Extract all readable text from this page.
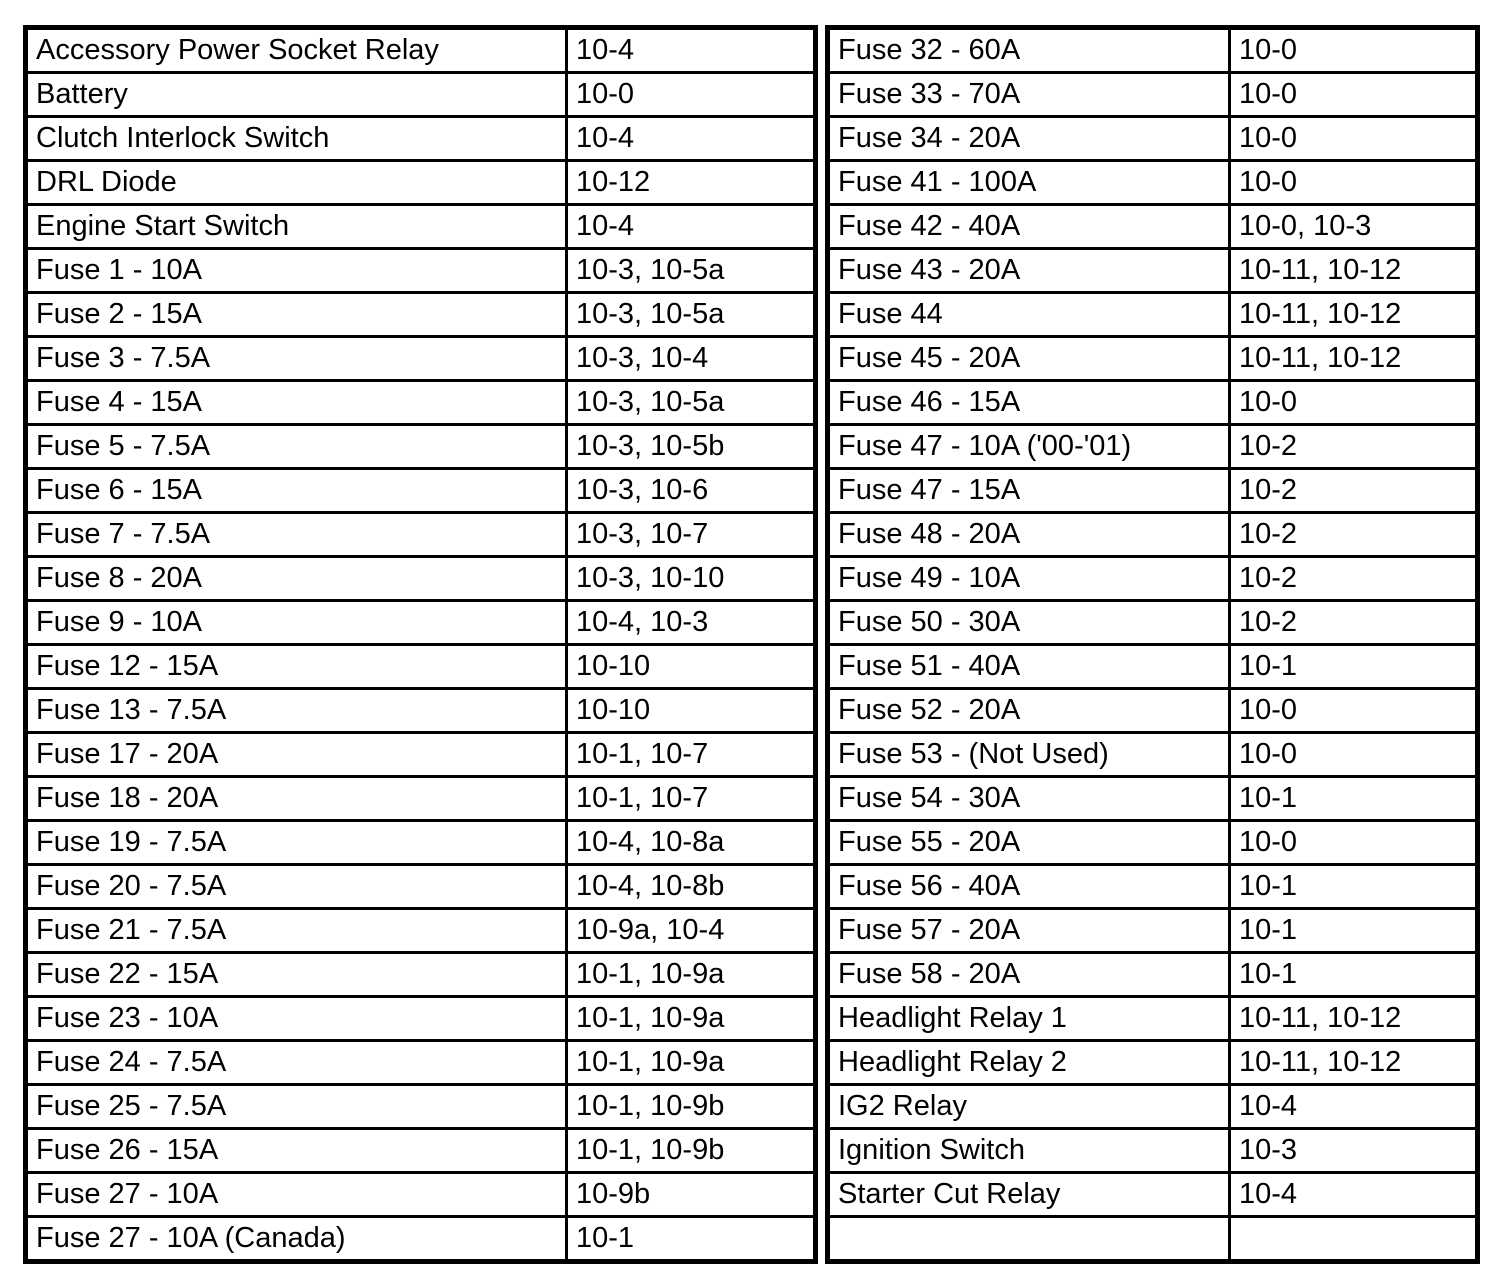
Accessory Power Socket Relay	10-4
Battery	10-0
Clutch Interlock Switch	10-4
DRL Diode	10-12
Engine Start Switch	10-4
Fuse 1 - 10A	10-3, 10-5a
Fuse 2 - 15A	10-3, 10-5a
Fuse 3 - 7.5A	10-3, 10-4
Fuse 4 - 15A	10-3, 10-5a
Fuse 5 - 7.5A	10-3, 10-5b
Fuse 6 - 15A	10-3, 10-6
Fuse 7 - 7.5A	10-3, 10-7
Fuse 8 - 20A	10-3, 10-10
Fuse 9 - 10A	10-4, 10-3
Fuse 12 - 15A	10-10
Fuse 13 - 7.5A	10-10
Fuse 17 - 20A	10-1, 10-7
Fuse 18 - 20A	10-1, 10-7
Fuse 19 - 7.5A	10-4, 10-8a
Fuse 20 - 7.5A	10-4, 10-8b
Fuse 21 - 7.5A	10-9a, 10-4
Fuse 22 - 15A	10-1, 10-9a
Fuse 23 - 10A	10-1, 10-9a
Fuse 24 - 7.5A	10-1, 10-9a
Fuse 25 - 7.5A	10-1, 10-9b
Fuse 26 - 15A	10-1, 10-9b
Fuse 27 - 10A	10-9b
Fuse 27 - 10A (Canada)	10-1
Fuse 32 - 60A	10-0
Fuse 33 - 70A	10-0
Fuse 34 - 20A	10-0
Fuse 41 - 100A	10-0
Fuse 42 - 40A	10-0, 10-3
Fuse 43 - 20A	10-11, 10-12
Fuse 44	10-11, 10-12
Fuse 45 - 20A	10-11, 10-12
Fuse 46 - 15A	10-0
Fuse 47 - 10A ('00-'01)	10-2
Fuse 47 - 15A	10-2
Fuse 48 - 20A	10-2
Fuse 49 - 10A	10-2
Fuse 50 - 30A	10-2
Fuse 51 - 40A	10-1
Fuse 52 - 20A	10-0
Fuse 53 - (Not Used)	10-0
Fuse 54 - 30A	10-1
Fuse 55 - 20A	10-0
Fuse 56 - 40A	10-1
Fuse 57 - 20A	10-1
Fuse 58 - 20A	10-1
Headlight Relay 1	10-11, 10-12
Headlight Relay 2	10-11, 10-12
IG2 Relay	10-4
Ignition Switch	10-3
Starter Cut Relay	10-4
